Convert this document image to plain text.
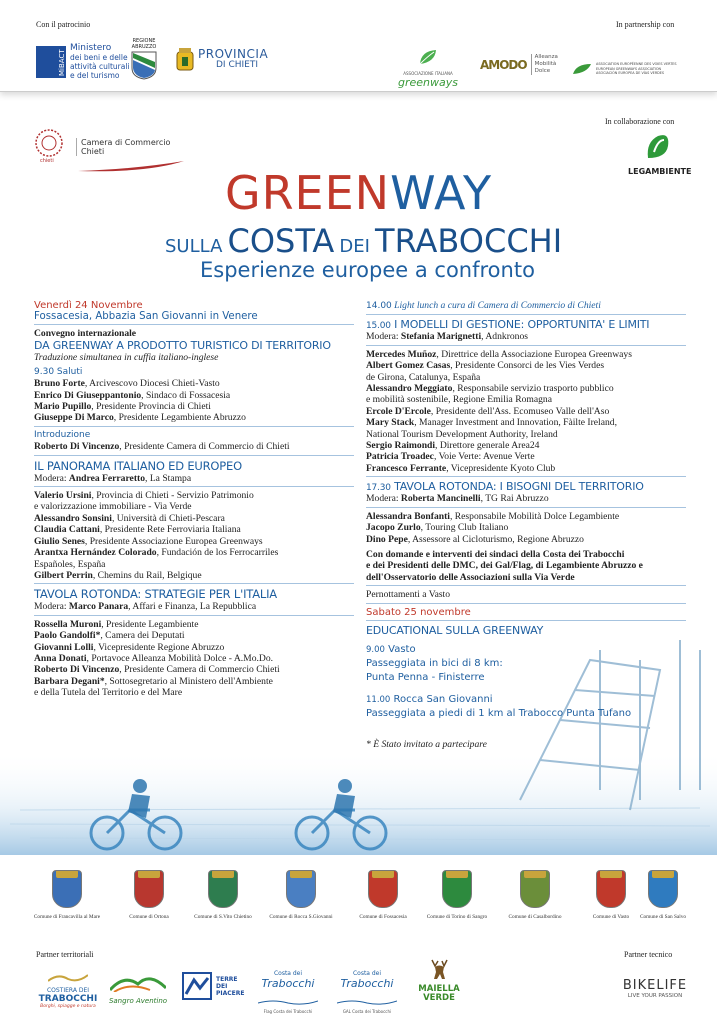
Con il patrocinio	In partnership con
MiBACT
Ministero
dei beni e delle
attività culturali
e del turismo
REGIONE ABRUZZO	PROVINCIA
DI CHIETI
ASSOCIAZIONE ITALIANA
greenways
AMODO
Alleanza
Mobilità
Dolce
ASSOCIATION EUROPÉENNE DES VOIES VERTES
EUROPEAN GREENWAYS ASSOCIATION
ASOCIACIÓN EUROPEA DE VÍAS VERDES
In collaborazione con
chieti
Camera di Commercio
Chieti
LEGAMBIENTE
GREENWAY
SULLA COSTA DEI TRABOCCHI
Esperienze europee a confronto
Venerdì 24 Novembre
Fossacesia, Abbazia San Giovanni in Venere

Convegno internazionale

DA GREENWAY A PRODOTTO TURISTICO DI TERRITORIO

Traduzione simultanea in cuffia italiano-inglese

9.30 Saluti

Bruno Forte, Arcivescovo Diocesi Chieti-Vasto

Enrico Di Giuseppantonio, Sindaco di Fossacesia

Mario Pupillo, Presidente Provincia di Chieti

Giuseppe Di Marco, Presidente Legambiente Abruzzo

Introduzione

Roberto Di Vincenzo, Presidente Camera di Commercio di Chieti

IL PANORAMA ITALIANO ED EUROPEO

Modera: Andrea Ferraretto, La Stampa

Valerio Ursini, Provincia di Chieti - Servizio Patrimonio

e valorizzazione immobiliare - Via Verde

Alessandro Sonsini, Università di Chieti-Pescara

Claudia Cattani, Presidente Rete Ferroviaria Italiana

Giulio Senes, Presidente Associazione Europea Greenways

Arantxa Hernández Colorado, Fundación de los Ferrocarriles

Españoles, España

Gilbert Perrin, Chemins du Rail, Belgique

TAVOLA ROTONDA: STRATEGIE PER L'ITALIA

Modera: Marco Panara, Affari e Finanza, La Repubblica

Rossella Muroni, Presidente Legambiente

Paolo Gandolfi*, Camera dei Deputati

Giovanni Lolli, Vicepresidente Regione Abruzzo

Anna Donati, Portavoce Alleanza Mobilità Dolce - A.Mo.Do.

Roberto Di Vincenzo, Presidente Camera di Commercio Chieti

Barbara Degani*, Sottosegretario al Ministero dell'Ambiente

e della Tutela del Territorio e del Mare

14.00 Light lunch a cura di Camera di Commercio di Chieti

15.00 I MODELLI DI GESTIONE: OPPORTUNITA' E LIMITI

Modera: Stefania Marignetti, Adnkronos

Mercedes Muñoz, Direttrice della Associazione Europea Greenways

Albert Gomez Casas, Presidente Consorci de les Vies Verdes

de Girona, Catalunya, España

Alessandro Meggiato, Responsabile servizio trasporto pubblico

e mobilità sostenibile, Regione Emilia Romagna

Ercole D'Ercole, Presidente dell'Ass. Ecomuseo Valle dell'Aso

Mary Stack, Manager Investment and Innovation, Fàilte Ireland,

National Tourism Development Authority, Ireland

Sergio Raimondi, Direttore generale Area24

Patricia Troadec, Voie Verte: Avenue Verte

Francesco Ferrante, Vicepresidente Kyoto Club

17.30 TAVOLA ROTONDA: I BISOGNI DEL TERRITORIO

Modera: Roberta Mancinelli, TG Rai Abruzzo

Alessandra Bonfanti, Responsabile Mobilità Dolce Legambiente

Jacopo Zurlo, Touring Club Italiano

Dino Pepe, Assessore al Cicloturismo, Regione Abruzzo

Con domande e interventi dei sindaci della Costa dei Trabocchi

e dei Presidenti delle DMC, dei Gal/Flag, di Legambiente Abruzzo e

dell'Osservatorio delle Associazioni sulla Via Verde

Pernottamenti a Vasto

Sabato 25 novembre
EDUCATIONAL SULLA GREENWAY
9.00 Vasto
Passeggiata in bici di 8 km:
Punta Penna - Finisterre
11.00 Rocca San Giovanni
Passeggiata a piedi di 1 km al Trabocco Punta Tufano

* È Stato invitato a partecipare

Comune di Francavilla al Mare	Comune di Ortona	Comune di S.Vito Chietino	Comune di Rocca S.Giovanni	Comune di Fossacesia	Comune di Torino di Sangro	Comune di Casalbordino	Comune di Vasto	Comune di San Salvo
Partner territoriali	Partner tecnico
COSTIERA DEI
TRABOCCHI
Borghi, spiagge e natura
Sangro Aventino
TERRE
DEI
PIACERE
Costa dei
Trabocchi
Flag Costa dei Trabocchi
Costa dei
Trabocchi
GAL Costa dei Trabocchi
MAIELLA
VERDE
BIKELIFE
LIVE YOUR PASSION
